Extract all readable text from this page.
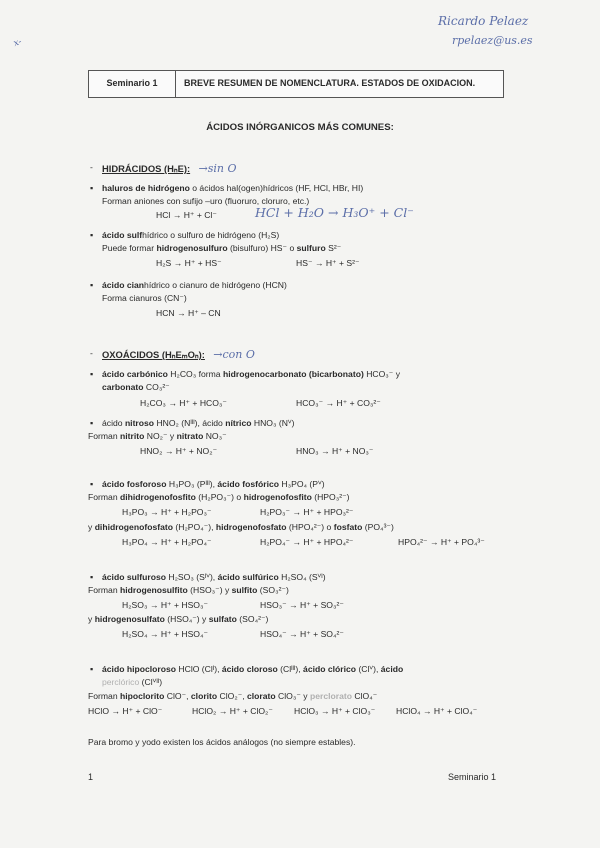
Ricardo Pelaez
rpelaez@us.es
x-
Seminario 1	BREVE RESUMEN DE NOMENCLATURA. ESTADOS DE OXIDACION.
ÁCIDOS INÓRGANICOS MÁS COMUNES:
- HIDRÁCIDOS (HₙE): →sin O
▪ haluros de hidrógeno o ácidos hal(ogen)hídricos (HF, HCl, HBr, HI)
Forman aniones con sufijo –uro (fluoruro, cloruro, etc.)
HCl → H⁺ + Cl⁻	HCl + H₂O → H₃O⁺ + Cl⁻
▪ ácido sulfhídrico o sulfuro de hidrógeno (H₂S)
Puede formar hidrogenosulfuro (bisulfuro) HS⁻ o sulfuro S²⁻
H₂S → H⁺ + HS⁻	HS⁻ → H⁺ + S²⁻
▪ ácido cianhídrico o cianuro de hidrógeno (HCN)
Forma cianuros (CN⁻)
HCN → H⁺ – CN
- OXOÁCIDOS (HₙEₘOₙ): →con O
▪ ácido carbónico H₂CO₃ forma hidrogenocarbonato (bicarbonato) HCO₃⁻ y
carbonato CO₃²⁻
H₂CO₃ → H⁺ + HCO₃⁻	HCO₃⁻ → H⁺ + CO₃²⁻
▪ ácido nitroso HNO₂ (Nᴵᴵᴵ), ácido nítrico HNO₃ (Nⱽ)
Forman nitrito NO₂⁻ y nitrato NO₃⁻
HNO₂ → H⁺ + NO₂⁻	HNO₃ → H⁺ + NO₃⁻
▪ ácido fosforoso H₃PO₃ (Pᴵᴵᴵ), ácido fosfórico H₃PO₄ (Pⱽ)
Forman dihidrogenofosfito (H₂PO₃⁻) o hidrogenofosfito (HPO₃²⁻)
H₃PO₃ → H⁺ + H₂PO₃⁻	H₂PO₃⁻ → H⁺ + HPO₃²⁻
y dihidrogenofosfato (H₂PO₄⁻), hidrogenofosfato (HPO₄²⁻) o fosfato (PO₄³⁻)
H₃PO₄ → H⁺ + H₂PO₄⁻	H₂PO₄⁻ → H⁺ + HPO₄²⁻	HPO₄²⁻ → H⁺ + PO₄³⁻
▪ ácido sulfuroso H₂SO₃ (Sᴵⱽ), ácido sulfúrico H₂SO₄ (Sⱽᴵ)
Forman hidrogenosulfito (HSO₃⁻) y sulfito (SO₃²⁻)
H₂SO₃ → H⁺ + HSO₃⁻	HSO₃⁻ → H⁺ + SO₃²⁻
y hidrogenosulfato (HSO₄⁻) y sulfato (SO₄²⁻)
H₂SO₄ → H⁺ + HSO₄⁻	HSO₄⁻ → H⁺ + SO₄²⁻
▪ ácido hipocloroso HClO (Clᴵ), ácido cloroso (Clᴵᴵᴵ), ácido clórico (Clⱽ), ácido
perclórico (Clⱽᴵᴵ)
Forman hipoclorito ClO⁻, clorito ClO₂⁻, clorato ClO₃⁻ y perclorato ClO₄⁻
HClO → H⁺ + ClO⁻	HClO₂ → H⁺ + ClO₂⁻ HClO₃ → H⁺ + ClO₃⁻ HClO₄ → H⁺ + ClO₄⁻
Para bromo y yodo existen los ácidos análogos (no siempre estables).
1	Seminario 1
